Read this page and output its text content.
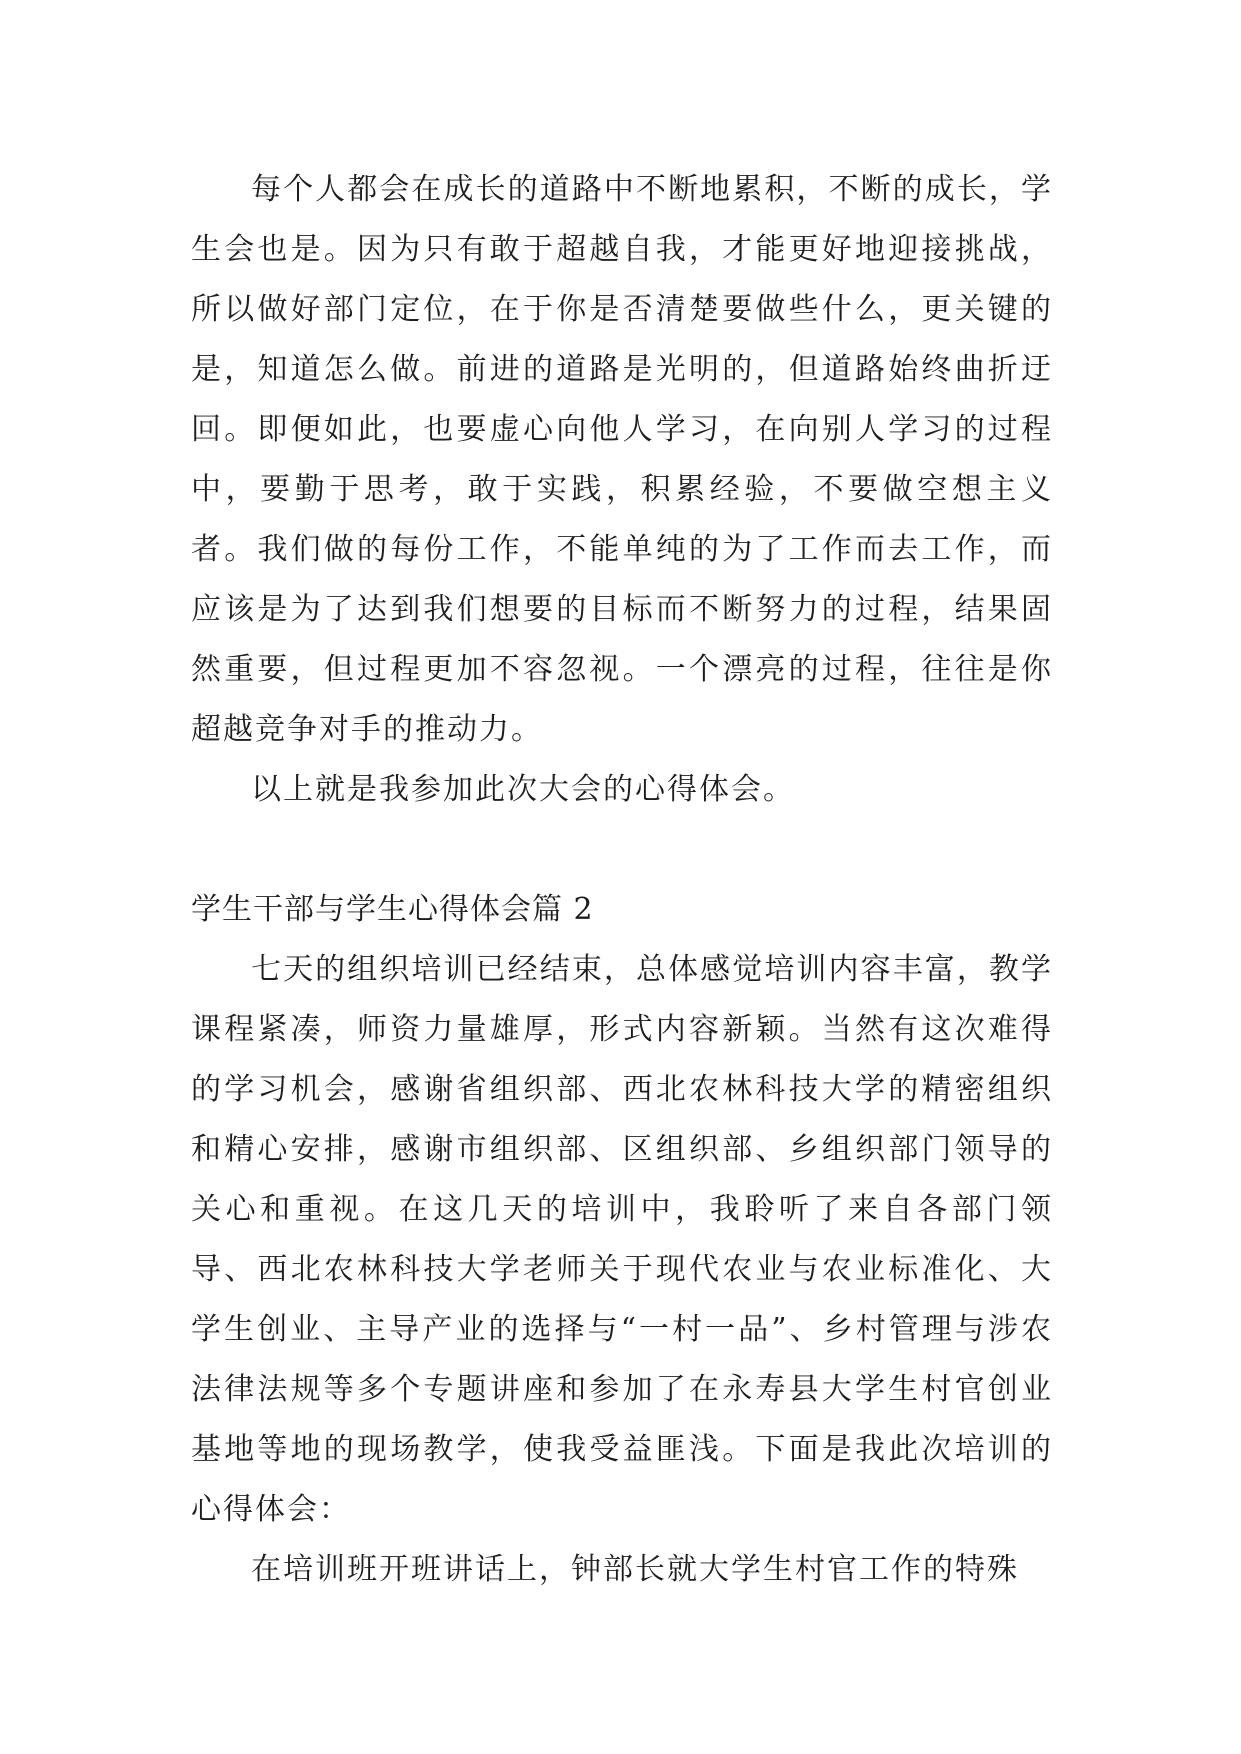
每个人都会在成长的道路中不断地累积，不断的成长，学生会也是。因为只有敢于超越自我，才能更好地迎接挑战，所以做好部门定位，在于你是否清楚要做些什么，更关键的是，知道怎么做。前进的道路是光明的，但道路始终曲折迂回。即便如此，也要虚心向他人学习，在向别人学习的过程中，要勤于思考，敢于实践，积累经验，不要做空想主义者。我们做的每份工作，不能单纯的为了工作而去工作，而应该是为了达到我们想要的目标而不断努力的过程，结果固然重要，但过程更加不容忽视。一个漂亮的过程，往往是你超越竞争对手的推动力。

以上就是我参加此次大会的心得体会。

学生干部与学生心得体会篇 2

七天的组织培训已经结束，总体感觉培训内容丰富，教学课程紧凑，师资力量雄厚，形式内容新颖。当然有这次难得的学习机会，感谢省组织部、西北农林科技大学的精密组织和精心安排，感谢市组织部、区组织部、乡组织部门领导的关心和重视。在这几天的培训中，我聆听了来自各部门领导、西北农林科技大学老师关于现代农业与农业标准化、大学生创业、主导产业的选择与“一村一品”、乡村管理与涉农法律法规等多个专题讲座和参加了在永寿县大学生村官创业基地等地的现场教学，使我受益匪浅。下面是我此次培训的心得体会：

在培训班开班讲话上，钟部长就大学生村官工作的特殊
